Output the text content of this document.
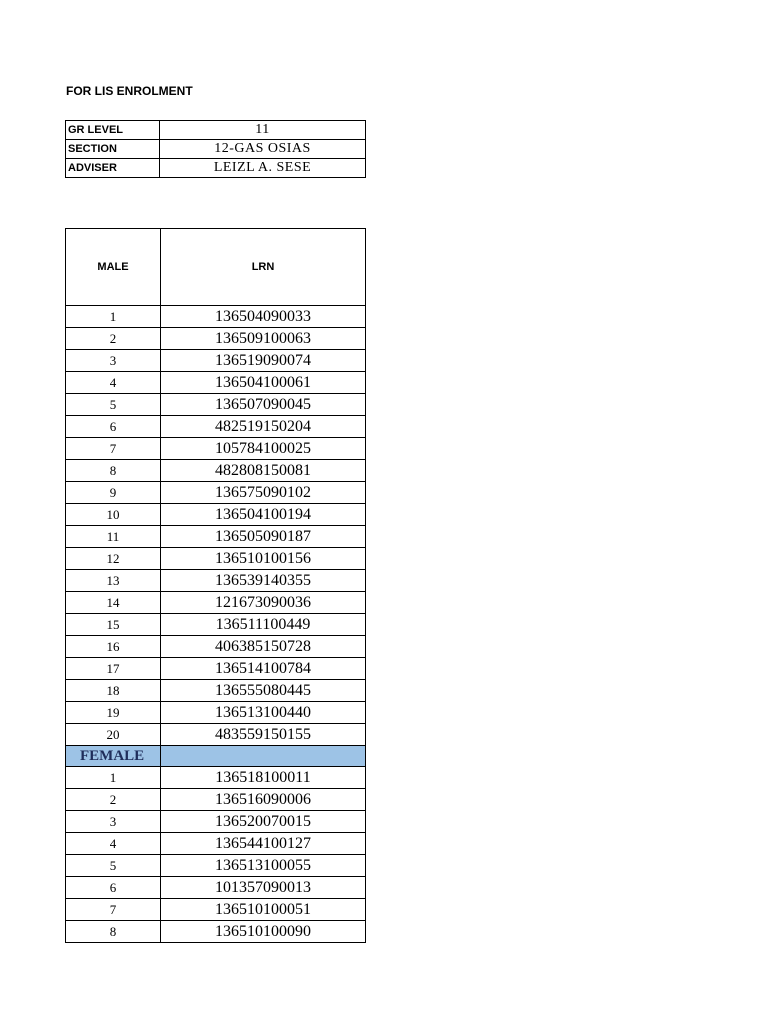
FOR LIS ENROLMENT
GR LEVEL	11
SECTION	12-GAS OSIAS
ADVISER	LEIZL A. SESE
MALE	LRN
1	136504090033
2	136509100063
3	136519090074
4	136504100061
5	136507090045
6	482519150204
7	105784100025
8	482808150081
9	136575090102
10	136504100194
11	136505090187
12	136510100156
13	136539140355
14	121673090036
15	136511100449
16	406385150728
17	136514100784
18	136555080445
19	136513100440
20	483559150155
FEMALE	
1	136518100011
2	136516090006
3	136520070015
4	136544100127
5	136513100055
6	101357090013
7	136510100051
8	136510100090
